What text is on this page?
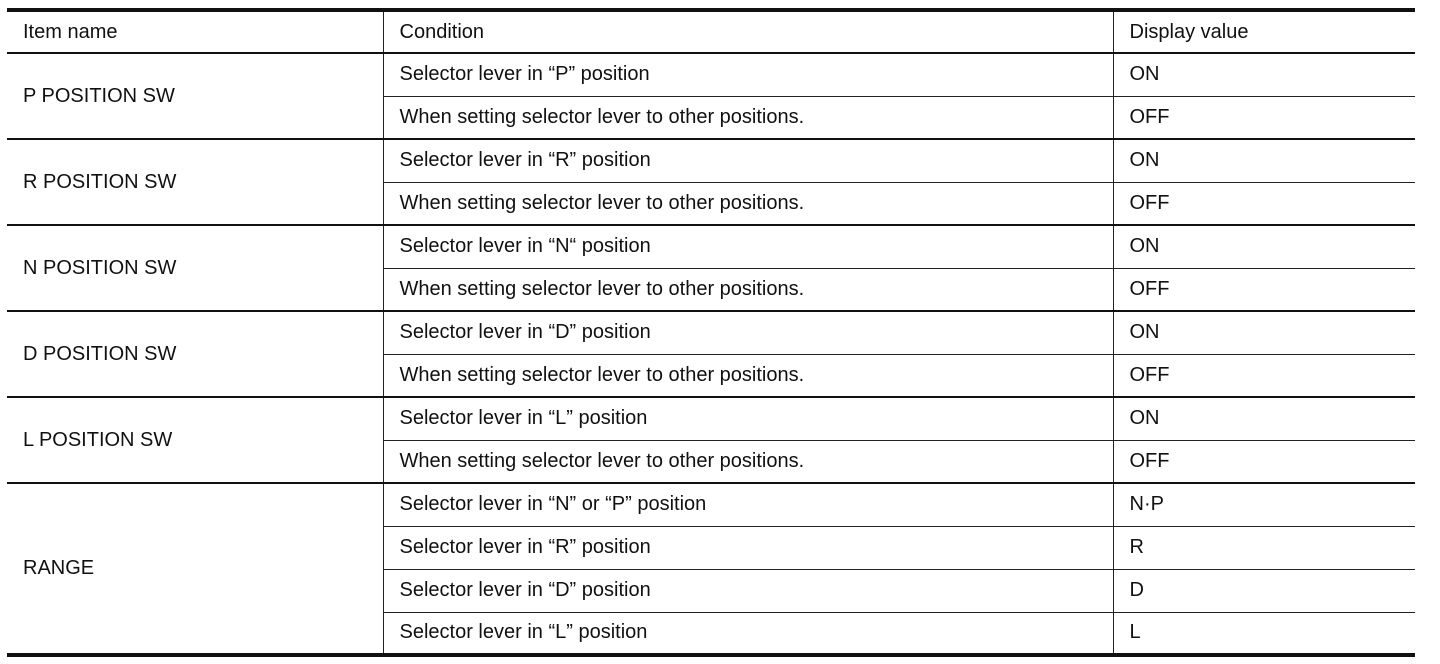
Item name	Condition	Display value
P POSITION SW	Selector lever in “P” position	ON
	When setting selector lever to other positions.	OFF
R POSITION SW	Selector lever in “R” position	ON
	When setting selector lever to other positions.	OFF
N POSITION SW	Selector lever in “N“ position	ON
	When setting selector lever to other positions.	OFF
D POSITION SW	Selector lever in “D” position	ON
	When setting selector lever to other positions.	OFF
L POSITION SW	Selector lever in “L” position	ON
	When setting selector lever to other positions.	OFF
RANGE	Selector lever in “N” or “P” position	N·P
	Selector lever in “R” position	R
	Selector lever in “D” position	D
	Selector lever in “L” position	L
